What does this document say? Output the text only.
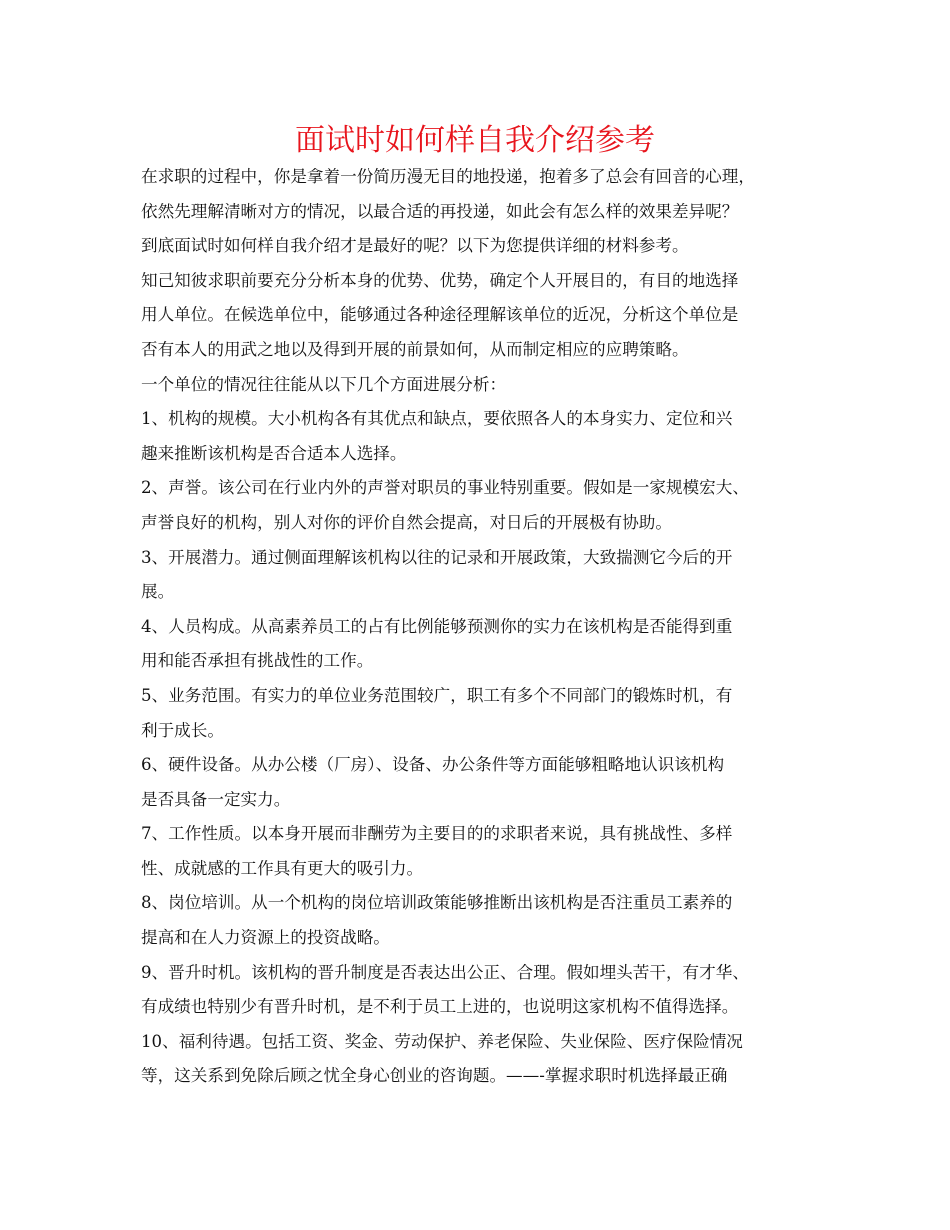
面试时如何样自我介绍参考
在求职的过程中，你是拿着一份简历漫无目的地投递，抱着多了总会有回音的心理，
依然先理解清晰对方的情况，以最合适的再投递，如此会有怎么样的效果差异呢？
到底面试时如何样自我介绍才是最好的呢？以下为您提供详细的材料参考。
知己知彼求职前要充分分析本身的优势、优势，确定个人开展目的，有目的地选择
用人单位。在候选单位中，能够通过各种途径理解该单位的近况，分析这个单位是
否有本人的用武之地以及得到开展的前景如何，从而制定相应的应聘策略。
一个单位的情况往往能从以下几个方面进展分析：
1、机构的规模。大小机构各有其优点和缺点，要依照各人的本身实力、定位和兴
趣来推断该机构是否合适本人选择。
2、声誉。该公司在行业内外的声誉对职员的事业特别重要。假如是一家规模宏大、
声誉良好的机构，别人对你的评价自然会提高，对日后的开展极有协助。
3、开展潜力。通过侧面理解该机构以往的记录和开展政策，大致揣测它今后的开
展。
4、人员构成。从高素养员工的占有比例能够预测你的实力在该机构是否能得到重
用和能否承担有挑战性的工作。
5、业务范围。有实力的单位业务范围较广，职工有多个不同部门的锻炼时机，有
利于成长。
6、硬件设备。从办公楼（厂房）、设备、办公条件等方面能够粗略地认识该机构
是否具备一定实力。
7、工作性质。以本身开展而非酬劳为主要目的的求职者来说，具有挑战性、多样
性、成就感的工作具有更大的吸引力。
8、岗位培训。从一个机构的岗位培训政策能够推断出该机构是否注重员工素养的
提高和在人力资源上的投资战略。
9、晋升时机。该机构的晋升制度是否表达出公正、合理。假如埋头苦干，有才华、
有成绩也特别少有晋升时机，是不利于员工上进的，也说明这家机构不值得选择。
10、福利待遇。包括工资、奖金、劳动保护、养老保险、失业保险、医疗保险情况
等，这关系到免除后顾之忧全身心创业的咨询题。——-掌握求职时机选择最正确
